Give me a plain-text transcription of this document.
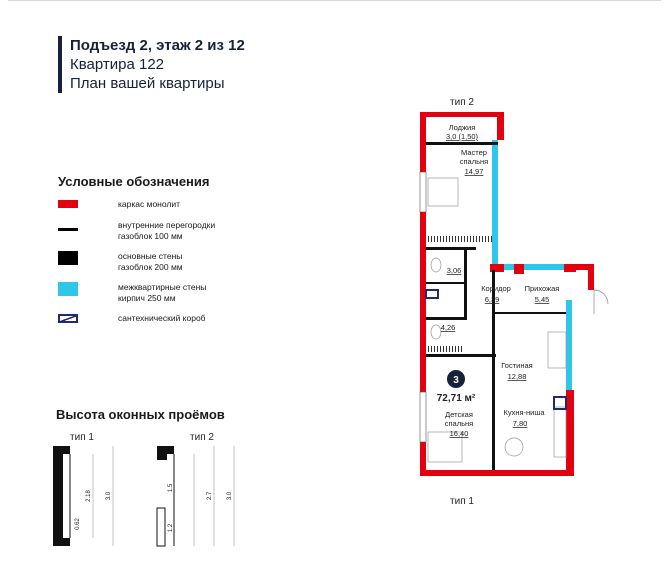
Подъезд 2, этаж 2 из 12
Квартира 122
План вашей квартиры
Условные обозначения
каркас монолит
внутренние перегородки
газоблок 100 мм
основные стены
газоблок 200 мм
межквартирные стены
кирпич 250 мм
сантехнический короб
Высота оконных проёмов
тип 1
0.62
2.18 3.0
тип 2
1.2
1.5
2.7 3.0
тип 2
тип 1
Лоджия
3,0 (1,50)
Мастер
спальня
14,97
3,06
Коридор
6,39
Прихожая
5,45
4,26
Гостиная
12,88
3
72,71 м²
Детская
спальня
16,40
Кухня-ниша
7,80
